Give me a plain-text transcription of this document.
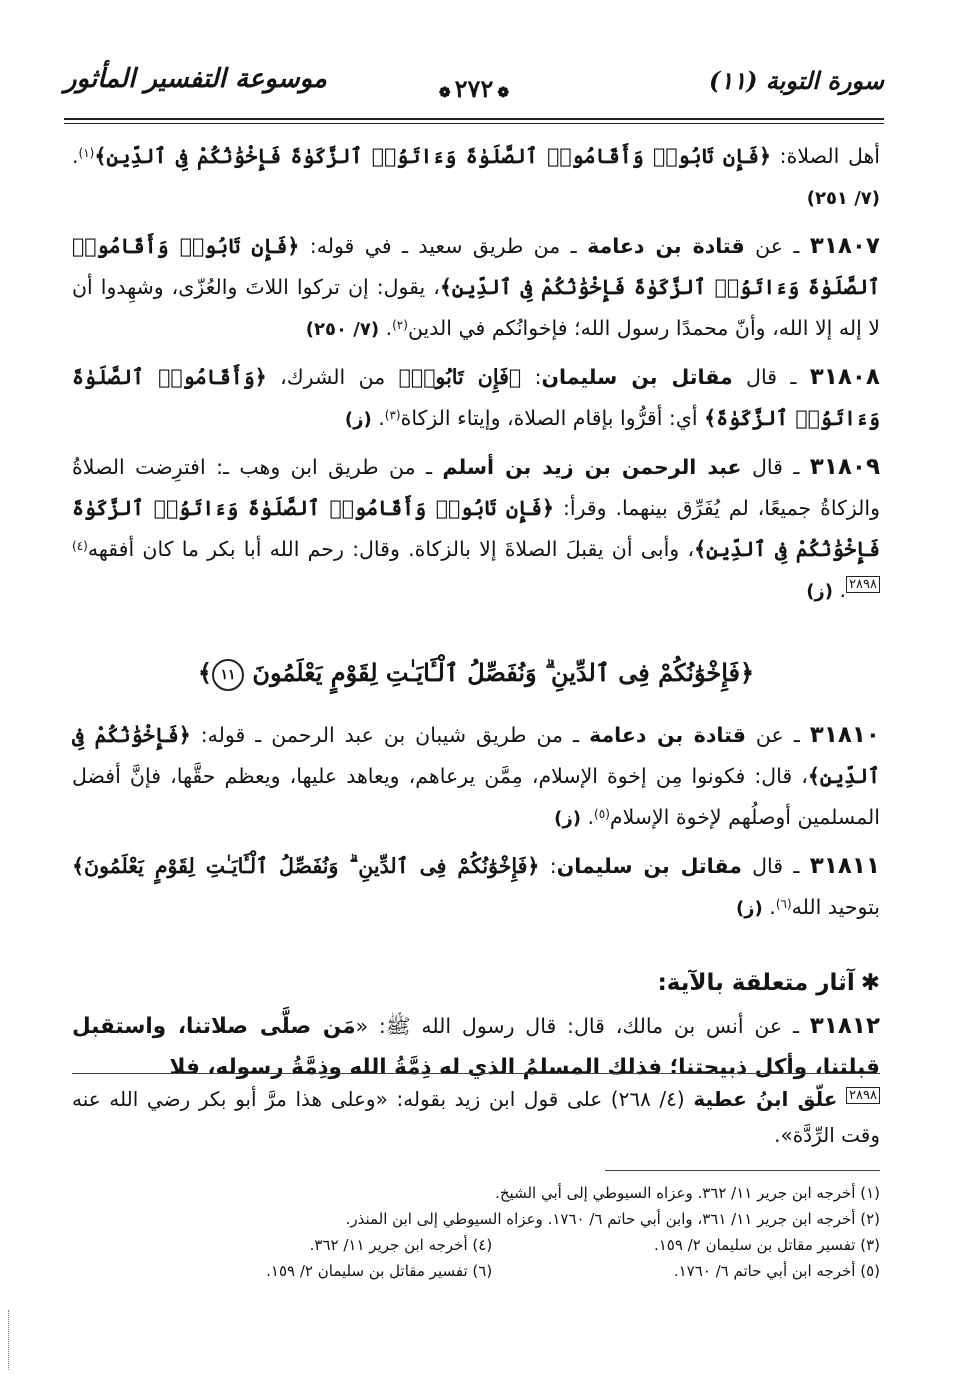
سورة التوبة (١١)
❁٢٧٢❁
موسوعة التفسير المأثور

أهل الصلاة: ﴿فَإِن تَابُوا۟ وَأَقَامُوا۟ ٱلصَّلَوٰةَ وَءَاتَوُا۟ ٱلزَّكَوٰةَ فَإِخْوَٰنُكُمْ فِى ٱلدِّينِ﴾$^{(١)}$. (٧/ ٢٥١)

٣١٨٠٧ ـ عن قتادة بن دعامة ـ من طريق سعيد ـ في قوله: ﴿فَإِن تَابُوا۟ وَأَقَامُوا۟ ٱلصَّلَوٰةَ وَءَاتَوُا۟ ٱلزَّكَوٰةَ فَإِخْوَٰنُكُمْ فِى ٱلدِّينِ﴾، يقول: إن تركوا اللاتَ والعُزّى، وشهِدوا أن لا إله إلا الله، وأنّ محمدًا رسول الله؛ فإخوانُكم في الدين$^{(٢)}$. (٧/ ٢٥٠)

٣١٨٠٨ ـ قال مقاتل بن سليمان: ﴿فَإِن تَابُوا۟﴾ من الشرك، ﴿وَأَقَامُوا۟ ٱلصَّلَوٰةَ وَءَاتَوُا۟ ٱلزَّكَوٰةَ﴾ أي: أقرُّوا بإقام الصلاة، وإيتاء الزكاة$^{(٣)}$. (ز)

٣١٨٠٩ ـ قال عبد الرحمن بن زيد بن أسلم ـ من طريق ابن وهب ـ: افترِضت الصلاةُ والزكاةُ جميعًا، لم يُفَرِّق بينهما. وقرأ: ﴿فَإِن تَابُوا۟ وَأَقَامُوا۟ ٱلصَّلَوٰةَ وَءَاتَوُا۟ ٱلزَّكَوٰةَ فَإِخْوَٰنُكُمْ فِى ٱلدِّينِ﴾، وأبى أن يقبلَ الصلاةَ إلا بالزكاة. وقال: رحم الله أبا بكر ما كان أفقهه$^{(٤)}$٢٨٩٨. (ز)

﴿فَإِخْوَٰنُكُمْ فِى ٱلدِّينِ ۗ وَنُفَصِّلُ ٱلْـَٔايَـٰتِ لِقَوْمٍ يَعْلَمُونَ ١١﴾

٣١٨١٠ ـ عن قتادة بن دعامة ـ من طريق شيبان بن عبد الرحمن ـ قوله: ﴿فَإِخْوَٰنُكُمْ فِى ٱلدِّينِ﴾، قال: فكونوا مِن إخوة الإسلام، مِمَّن يرعاهم، ويعاهد عليها، ويعظم حقَّها، فإنَّ أفضل المسلمين أوصلُهم لإخوة الإسلام$^{(٥)}$. (ز)

٣١٨١١ ـ قال مقاتل بن سليمان: ﴿فَإِخْوَٰنُكُمْ فِى ٱلدِّينِ ۗ وَنُفَصِّلُ ٱلْـَٔايَـٰتِ لِقَوْمٍ يَعْلَمُونَ﴾ بتوحيد الله$^{(٦)}$. (ز)

✱آثار متعلقة بالآية:

٣١٨١٢ ـ عن أنس بن مالك، قال: قال رسول الله ﷺ: «مَن صلَّى صلاتنا، واستقبل قبلتنا، وأكل ذبيحتنا؛ فذلك المسلمُ الذي له ذِمَّةُ الله وذِمَّةُ رسوله، فلا

٢٨٩٨ علّق ابنُ عطية (٤/ ٢٦٨) على قول ابن زيد بقوله: «وعلى هذا مرَّ أبو بكر رضي الله عنه وقت الرِّدَّة».
(١) أخرجه ابن جرير ١١/ ٣٦٢. وعزاه السيوطي إلى أبي الشيخ.
(٢) أخرجه ابن جرير ١١/ ٣٦١، وابن أبي حاتم ٦/ ١٧٦٠. وعزاه السيوطي إلى ابن المنذر.
(٣) تفسير مقاتل بن سليمان ٢/ ١٥٩.
(٤) أخرجه ابن جرير ١١/ ٣٦٢.
(٥) أخرجه ابن أبي حاتم ٦/ ١٧٦٠.
(٦) تفسير مقاتل بن سليمان ٢/ ١٥٩.
